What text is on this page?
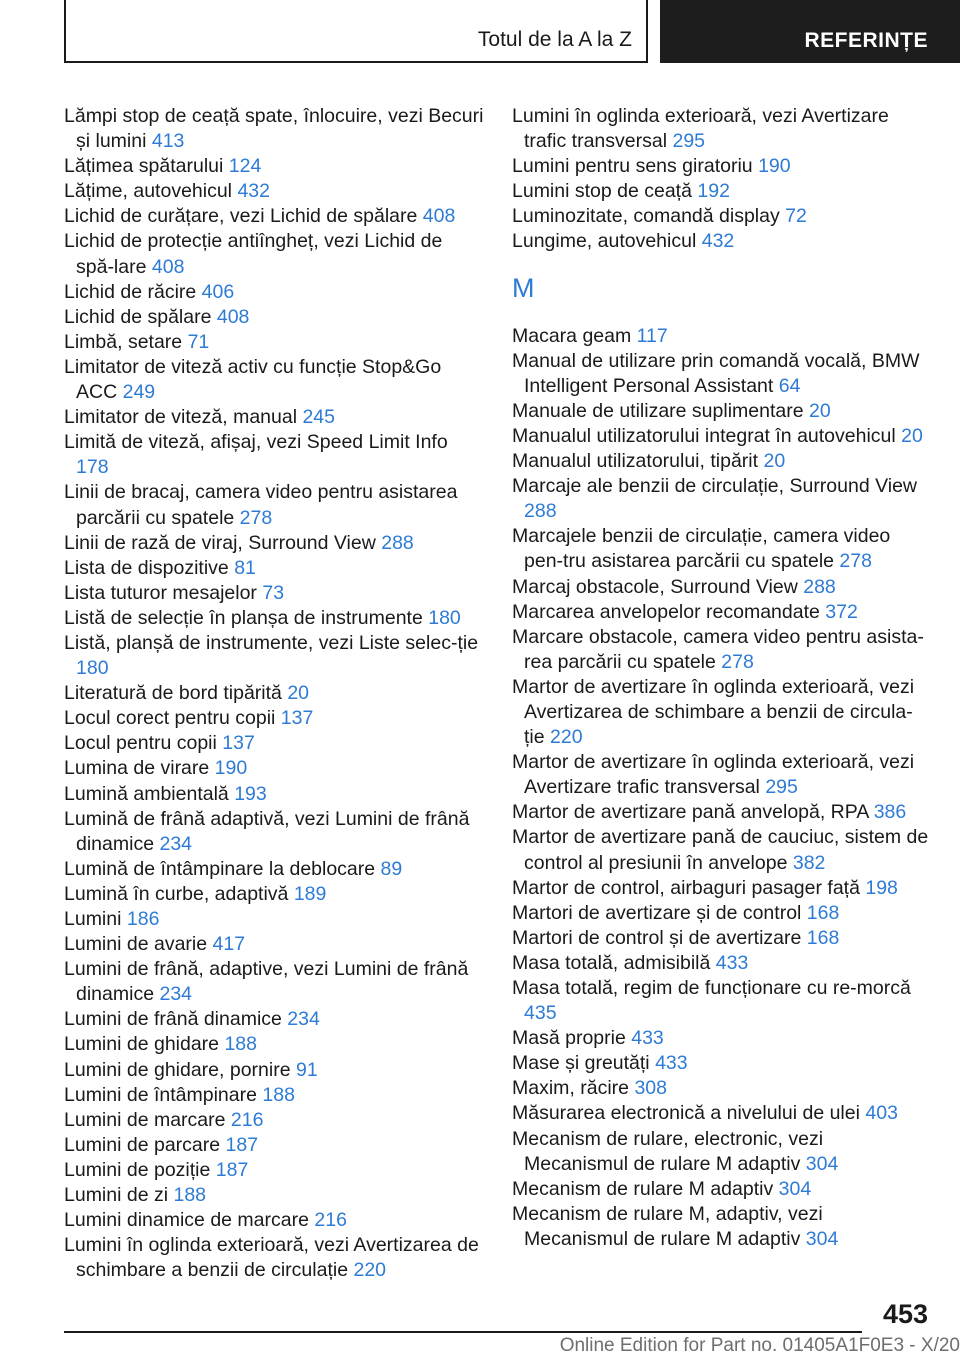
Totul de la A la Z	REFERINȚE
Lămpi stop de ceață spate, înlocuire, vezi Becuri și lumini 413
Lățimea spătarului 124
Lățime, autovehicul 432
Lichid de curățare, vezi Lichid de spălare 408
Lichid de protecție antiîngheț, vezi Lichid de spă-lare 408
Lichid de răcire 406
Lichid de spălare 408
Limbă, setare 71
Limitator de viteză activ cu funcție Stop&Go ACC 249
Limitator de viteză, manual 245
Limită de viteză, afișaj, vezi Speed Limit Info 178
Linii de bracaj, camera video pentru asistarea parcării cu spatele 278
Linii de rază de viraj, Surround View 288
Lista de dispozitive 81
Lista tuturor mesajelor 73
Listă de selecție în planșa de instrumente 180
Listă, planșă de instrumente, vezi Liste selec-ție 180
Literatură de bord tipărită 20
Locul corect pentru copii 137
Locul pentru copii 137
Lumina de virare 190
Lumină ambientală 193
Lumină de frână adaptivă, vezi Lumini de frână dinamice 234
Lumină de întâmpinare la deblocare 89
Lumină în curbe, adaptivă 189
Lumini 186
Lumini de avarie 417
Lumini de frână, adaptive, vezi Lumini de frână dinamice 234
Lumini de frână dinamice 234
Lumini de ghidare 188
Lumini de ghidare, pornire 91
Lumini de întâmpinare 188
Lumini de marcare 216
Lumini de parcare 187
Lumini de poziție 187
Lumini de zi 188
Lumini dinamice de marcare 216
Lumini în oglinda exterioară, vezi Avertizarea de schimbare a benzii de circulație 220
Lumini în oglinda exterioară, vezi Avertizare trafic transversal 295
Lumini pentru sens giratoriu 190
Lumini stop de ceață 192
Luminozitate, comandă display 72
Lungime, autovehicul 432
M
Macara geam 117
Manual de utilizare prin comandă vocală, BMW Intelligent Personal Assistant 64
Manuale de utilizare suplimentare 20
Manualul utilizatorului integrat în autovehicul 20
Manualul utilizatorului, tipărit 20
Marcaje ale benzii de circulație, Surround View 288
Marcajele benzii de circulație, camera video pen-tru asistarea parcării cu spatele 278
Marcaj obstacole, Surround View 288
Marcarea anvelopelor recomandate 372
Marcare obstacole, camera video pentru asista-rea parcării cu spatele 278
Martor de avertizare în oglinda exterioară, vezi Avertizarea de schimbare a benzii de circula-ție 220
Martor de avertizare în oglinda exterioară, vezi Avertizare trafic transversal 295
Martor de avertizare pană anvelopă, RPA 386
Martor de avertizare pană de cauciuc, sistem de control al presiunii în anvelope 382
Martor de control, airbaguri pasager față 198
Martori de avertizare și de control 168
Martori de control și de avertizare 168
Masa totală, admisibilă 433
Masa totală, regim de funcționare cu re-morcă 435
Masă proprie 433
Mase și greutăți 433
Maxim, răcire 308
Măsurarea electronică a nivelului de ulei 403
Mecanism de rulare, electronic, vezi Mecanismul de rulare M adaptiv 304
Mecanism de rulare M adaptiv 304
Mecanism de rulare M, adaptiv, vezi Mecanismul de rulare M adaptiv 304
453
Online Edition for Part no. 01405A1F0E3 - X/20
